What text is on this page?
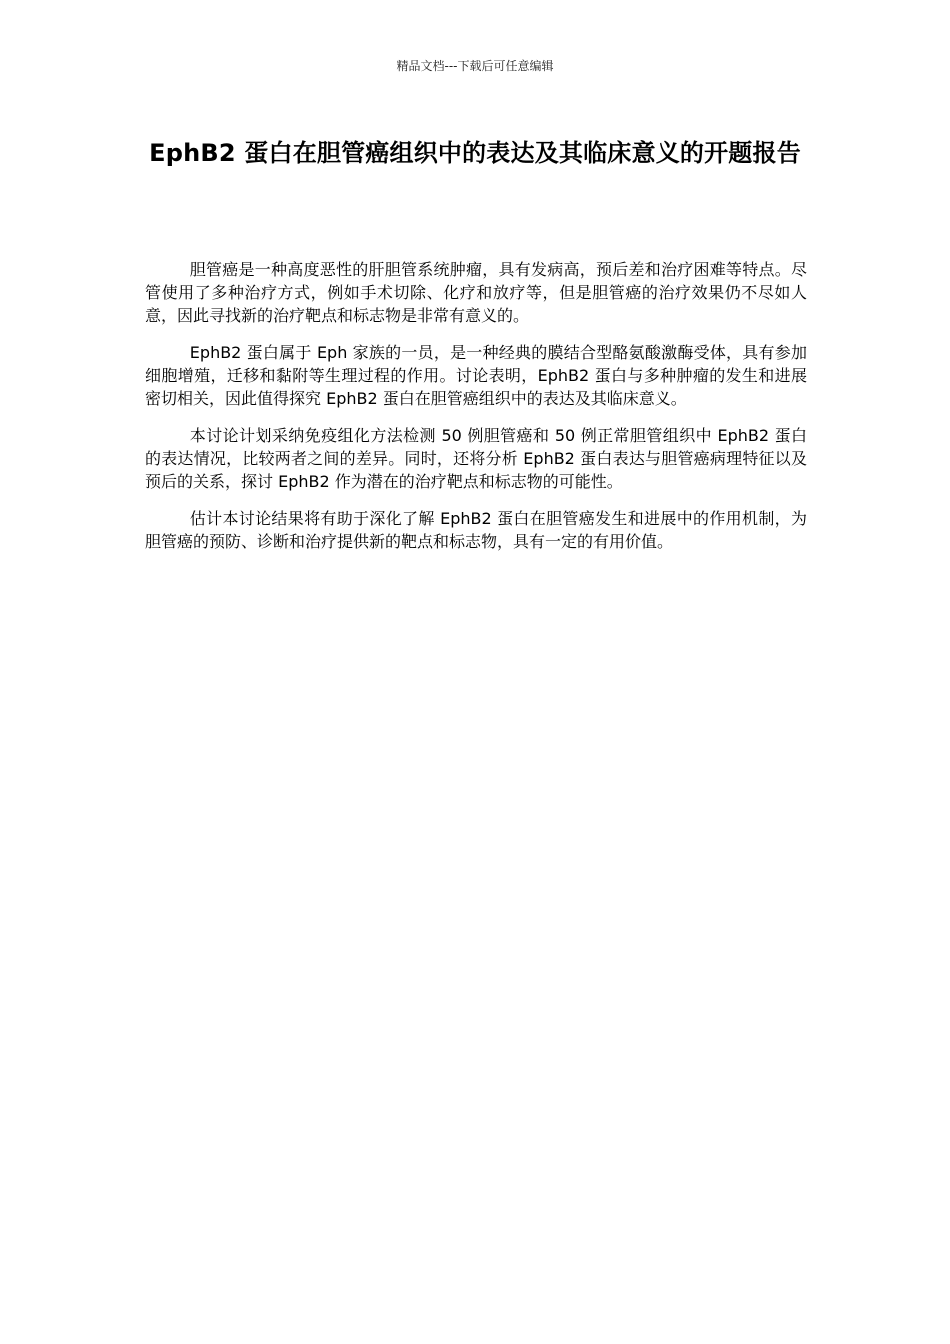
精品文档---下载后可任意编辑
EphB2 蛋白在胆管癌组织中的表达及其临床意义的开题报告

胆管癌是一种高度恶性的肝胆管系统肿瘤，具有发病高，预后差和治疗困难等特点。尽管使用了多种治疗方式，例如手术切除、化疗和放疗等，但是胆管癌的治疗效果仍不尽如人意，因此寻找新的治疗靶点和标志物是非常有意义的。

EphB2 蛋白属于 Eph 家族的一员，是一种经典的膜结合型酪氨酸激酶受体，具有参加细胞增殖，迁移和黏附等生理过程的作用。讨论表明，EphB2 蛋白与多种肿瘤的发生和进展密切相关，因此值得探究 EphB2 蛋白在胆管癌组织中的表达及其临床意义。

本讨论计划采纳免疫组化方法检测 50 例胆管癌和 50 例正常胆管组织中 EphB2 蛋白的表达情况，比较两者之间的差异。同时，还将分析 EphB2 蛋白表达与胆管癌病理特征以及预后的关系，探讨 EphB2 作为潜在的治疗靶点和标志物的可能性。

估计本讨论结果将有助于深化了解 EphB2 蛋白在胆管癌发生和进展中的作用机制，为胆管癌的预防、诊断和治疗提供新的靶点和标志物，具有一定的有用价值。
